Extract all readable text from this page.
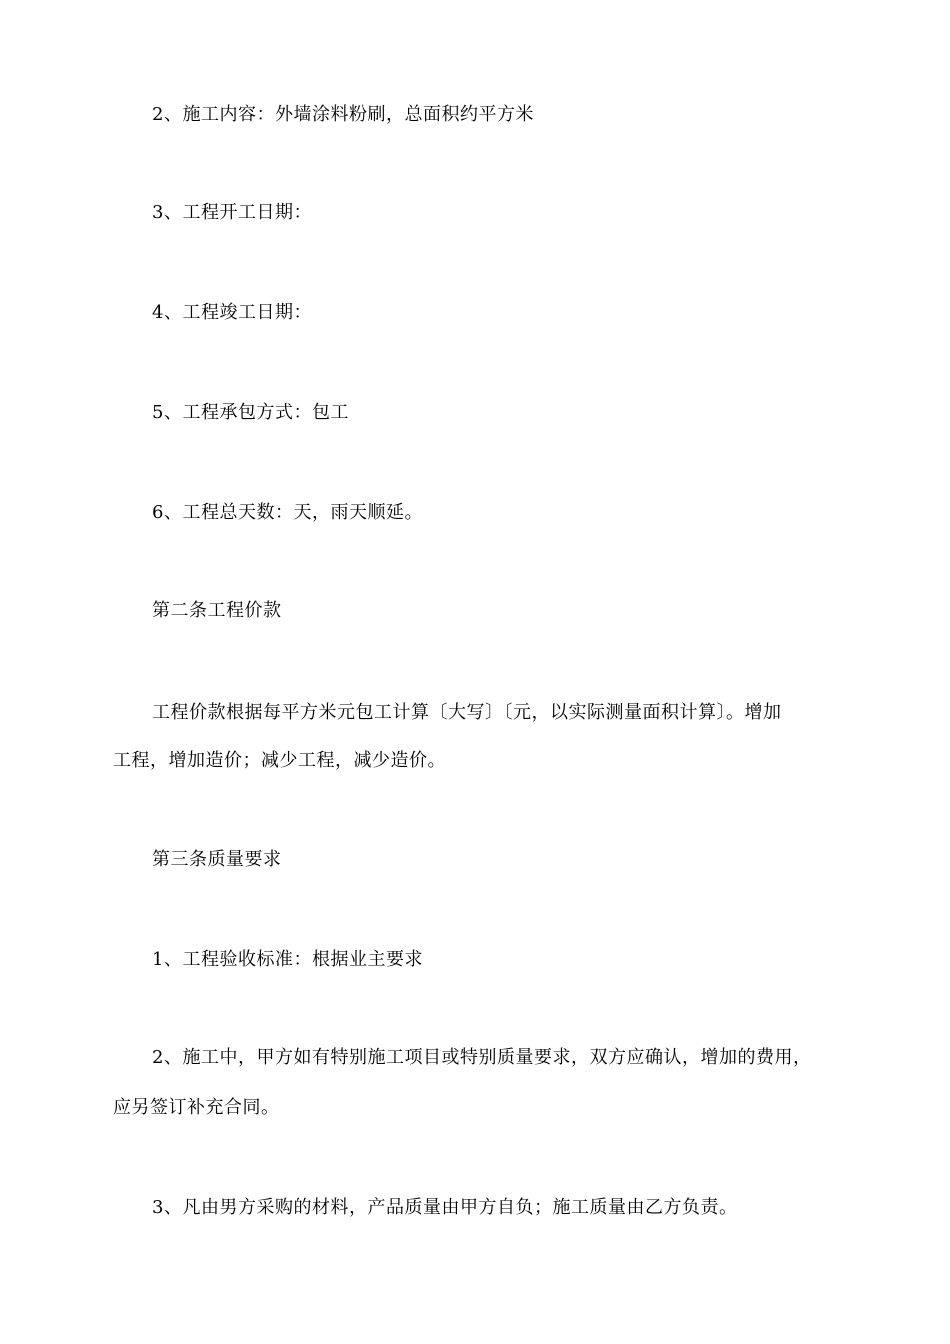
2、施工内容：外墙涂料粉刷，总面积约平方米
3、工程开工日期：
4、工程竣工日期：
5、工程承包方式：包工
6、工程总天数：天，雨天顺延。
第二条工程价款
工程价款根据每平方米元包工计算〔大写〕〔元，以实际测量面积计算〕。增加
工程，增加造价；减少工程，减少造价。
第三条质量要求
1、工程验收标准：根据业主要求
2、施工中，甲方如有特别施工项目或特别质量要求，双方应确认，增加的费用，
应另签订补充合同。
3、凡由男方采购的材料，产品质量由甲方自负；施工质量由乙方负责。
